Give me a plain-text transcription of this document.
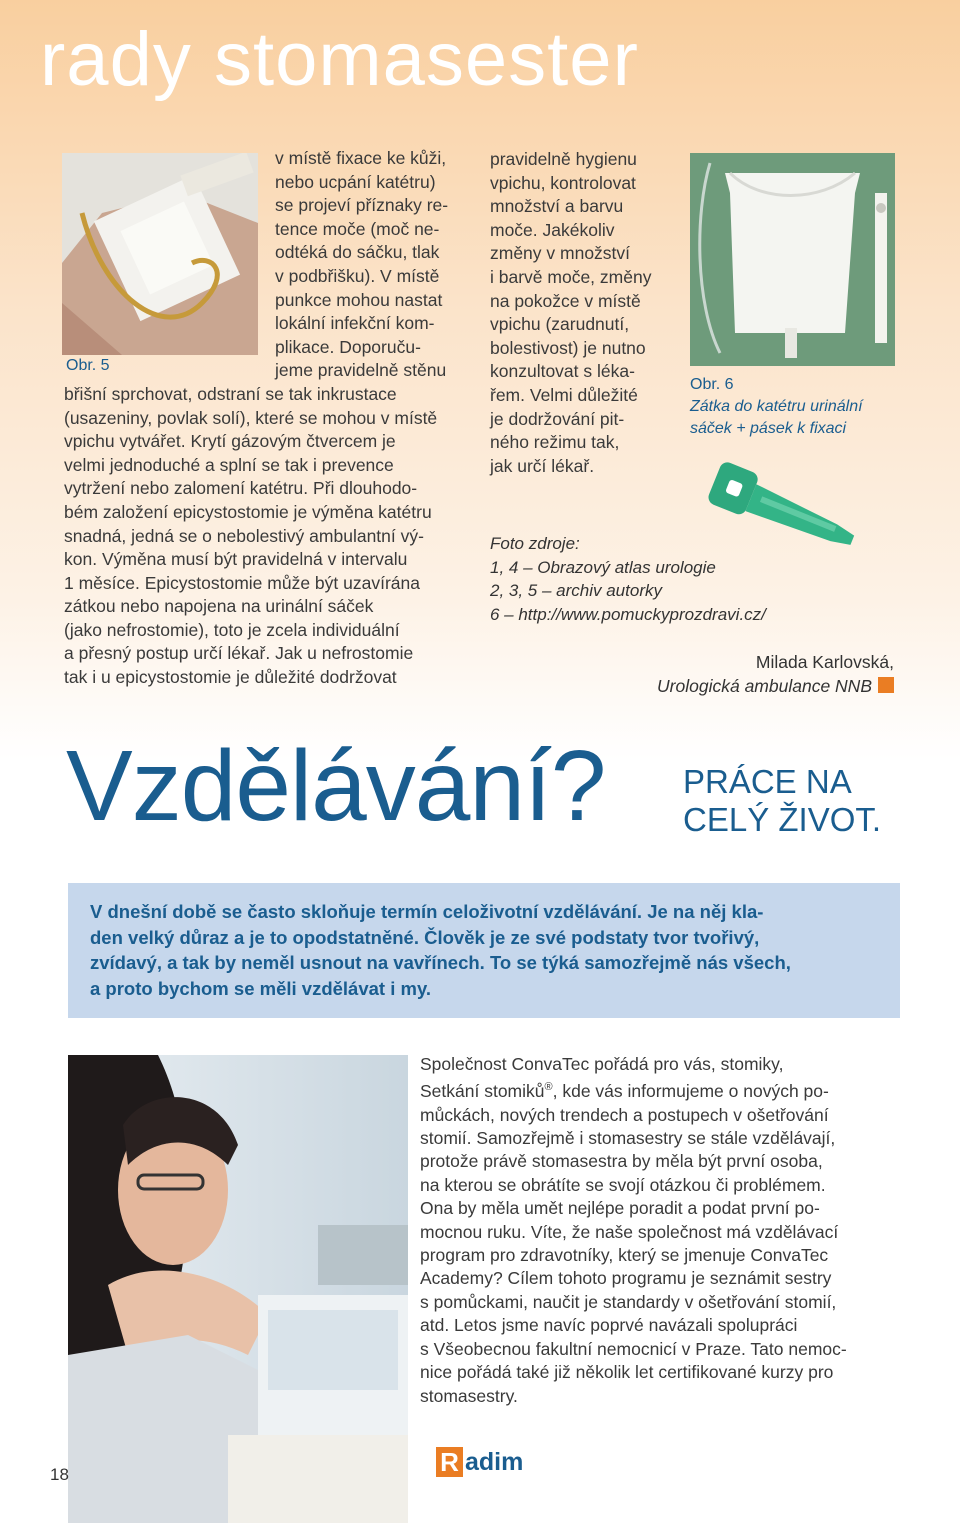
rady stomasester
Obr. 5
v místě fixace ke kůži,
nebo ucpání katétru)
se projeví příznaky re-
tence moče (moč ne-
odtéká do sáčku, tlak
v podbřišku). V místě
punkce mohou nastat
lokální infekční kom-
plikace. Doporuču-
jeme pravidelně stěnu
břišní sprchovat, odstraní se tak inkrustace
(usazeniny, povlak solí), které se mohou v místě
vpichu vytvářet. Krytí gázovým čtvercem je
velmi jednoduché a splní se tak i prevence
vytržení nebo zalomení katétru. Při dlouhodo-
bém založení epicystostomie je výměna katétru
snadná, jedná se o nebolestivý ambulantní vý-
kon. Výměna musí být pravidelná v intervalu
1 měsíce. Epicystostomie může být uzavírána
zátkou nebo napojena na urinální sáček
(jako nefrostomie), toto je zcela individuální
a přesný postup určí lékař. Jak u nefrostomie
tak i u epicystostomie je důležité dodržovat
pravidelně hygienu
vpichu, kontrolovat
množství a barvu
moče. Jakékoliv
změny v množství
i barvě moče, změny
na pokožce v místě
vpichu (zarudnutí,
bolestivost) je nutno
konzultovat s léka-
řem. Velmi důležité
je dodržování pit-
ného režimu tak,
jak určí lékař.
Obr. 6
Zátka do katétru urinální
sáček + pásek k fixaci
Foto zdroje:
1, 4 – Obrazový atlas urologie
2, 3, 5 – archiv autorky
6 – http://www.pomuckyprozdravi.cz/
Milada Karlovská,
Urologická ambulance NNB
Vzdělávání? PRÁCE NA
CELÝ ŽIVOT.
V dnešní době se často skloňuje termín celoživotní vzdělávání. Je na něj kla-
den velký důraz a je to opodstatněné. Člověk je ze své podstaty tvor tvořivý,
zvídavý, a tak by neměl usnout na vavřínech. To se týká samozřejmě nás všech,
a proto bychom se měli vzdělávat i my.
Společnost ConvaTec pořádá pro vás, stomiky,
Setkání stomiků®, kde vás informujeme o nových po-
můckách, nových trendech a postupech v ošetřování
stomií. Samozřejmě i stomasestry se stále vzdělávají,
protože právě stomasestra by měla být první osoba,
na kterou se obrátíte se svojí otázkou či problémem.
Ona by měla umět nejlépe poradit a podat první po-
mocnou ruku. Víte, že naše společnost má vzdělávací
program pro zdravotníky, který se jmenuje ConvaTec
Academy? Cílem tohoto programu je seznámit sestry
s pomůckami, naučit je standardy v ošetřování stomií,
atd. Letos jsme navíc poprvé navázali spolupráci
s Všeobecnou fakultní nemocnicí v Praze. Tato nemoc-
nice pořádá také již několik let certifikované kurzy pro
stomasestry.
18	R adim
